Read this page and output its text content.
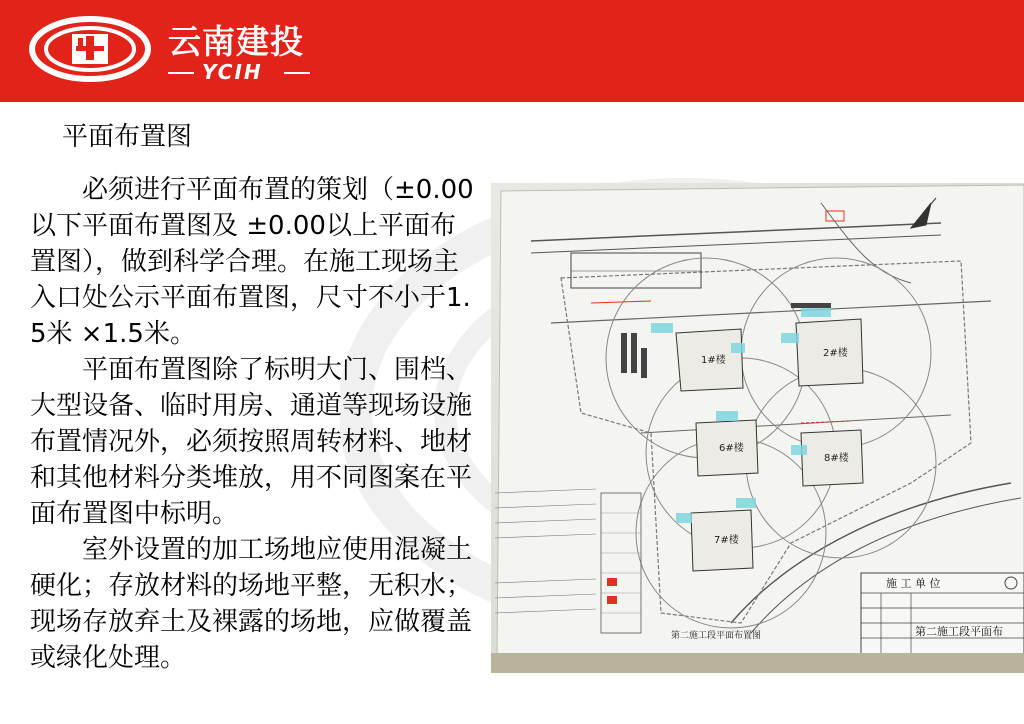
云南建投
YCIH
平面布置图

必须进行平面布置的策划（±0.00以下平面布置图及 ±0.00以上平面布置图），做到科学合理。在施工现场主入口处公示平面布置图，尺寸不小于1.5米 ×1.5米。

平面布置图除了标明大门、围档、大型设备、临时用房、通道等现场设施布置情况外，必须按照周转材料、地材和其他材料分类堆放，用不同图案在平面布置图中标明。

室外设置的加工场地应使用混凝土硬化；存放材料的场地平整，无积水；现场存放弃土及裸露的场地，应做覆盖或绿化处理。

1#楼
2#楼
6#楼
8#楼
7#楼
第二施工段平面布置图
施 工 单 位
第二施工段平面布
